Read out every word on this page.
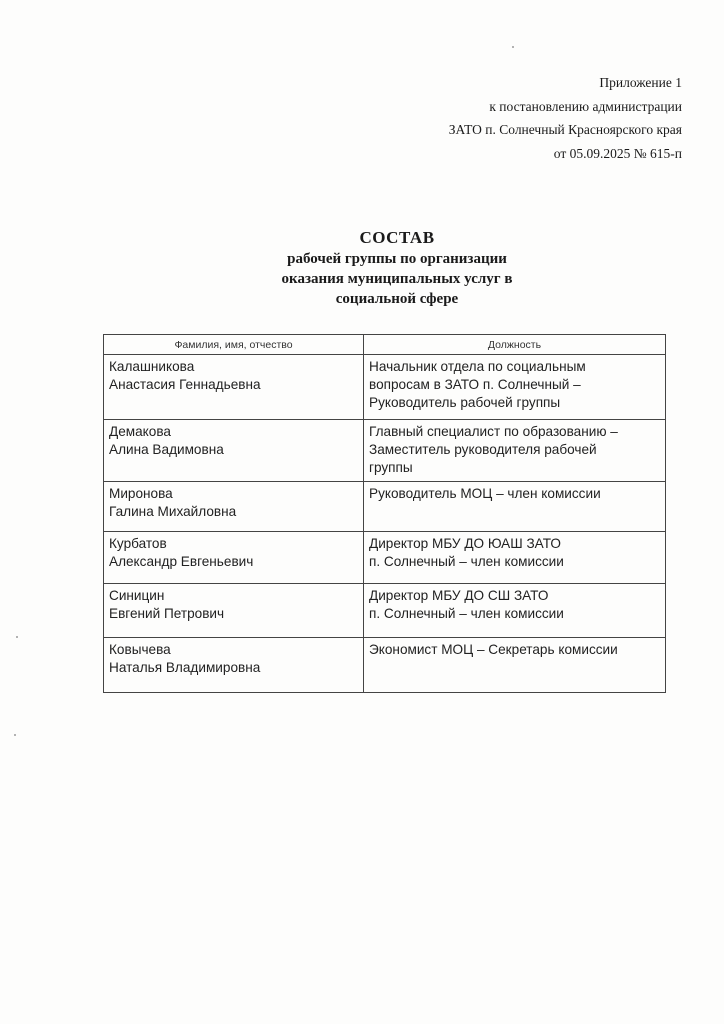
Приложение 1
к постановлению администрации
ЗАТО п. Солнечный Красноярского края
от 05.09.2025 № 615-п
СОСТАВ
рабочей группы по организации
оказания муниципальных услуг в
социальной сфере
Фамилия, имя, отчество	Должность

Калашникова
Анастасия Геннадьевна	Начальник отдела по социальным
вопросам в ЗАТО п. Солнечный –
Руководитель рабочей группы

Демакова
Алина Вадимовна	Главный специалист по образованию –
Заместитель руководителя рабочей
группы

Миронова
Галина Михайловна	Руководитель МОЦ – член комиссии

Курбатов
Александр Евгеньевич	Директор МБУ ДО ЮАШ ЗАТО
п. Солнечный – член комиссии

Синицин
Евгений Петрович	Директор МБУ ДО СШ ЗАТО
п. Солнечный – член комиссии

Ковычева
Наталья Владимировна	Экономист МОЦ – Секретарь комиссии
